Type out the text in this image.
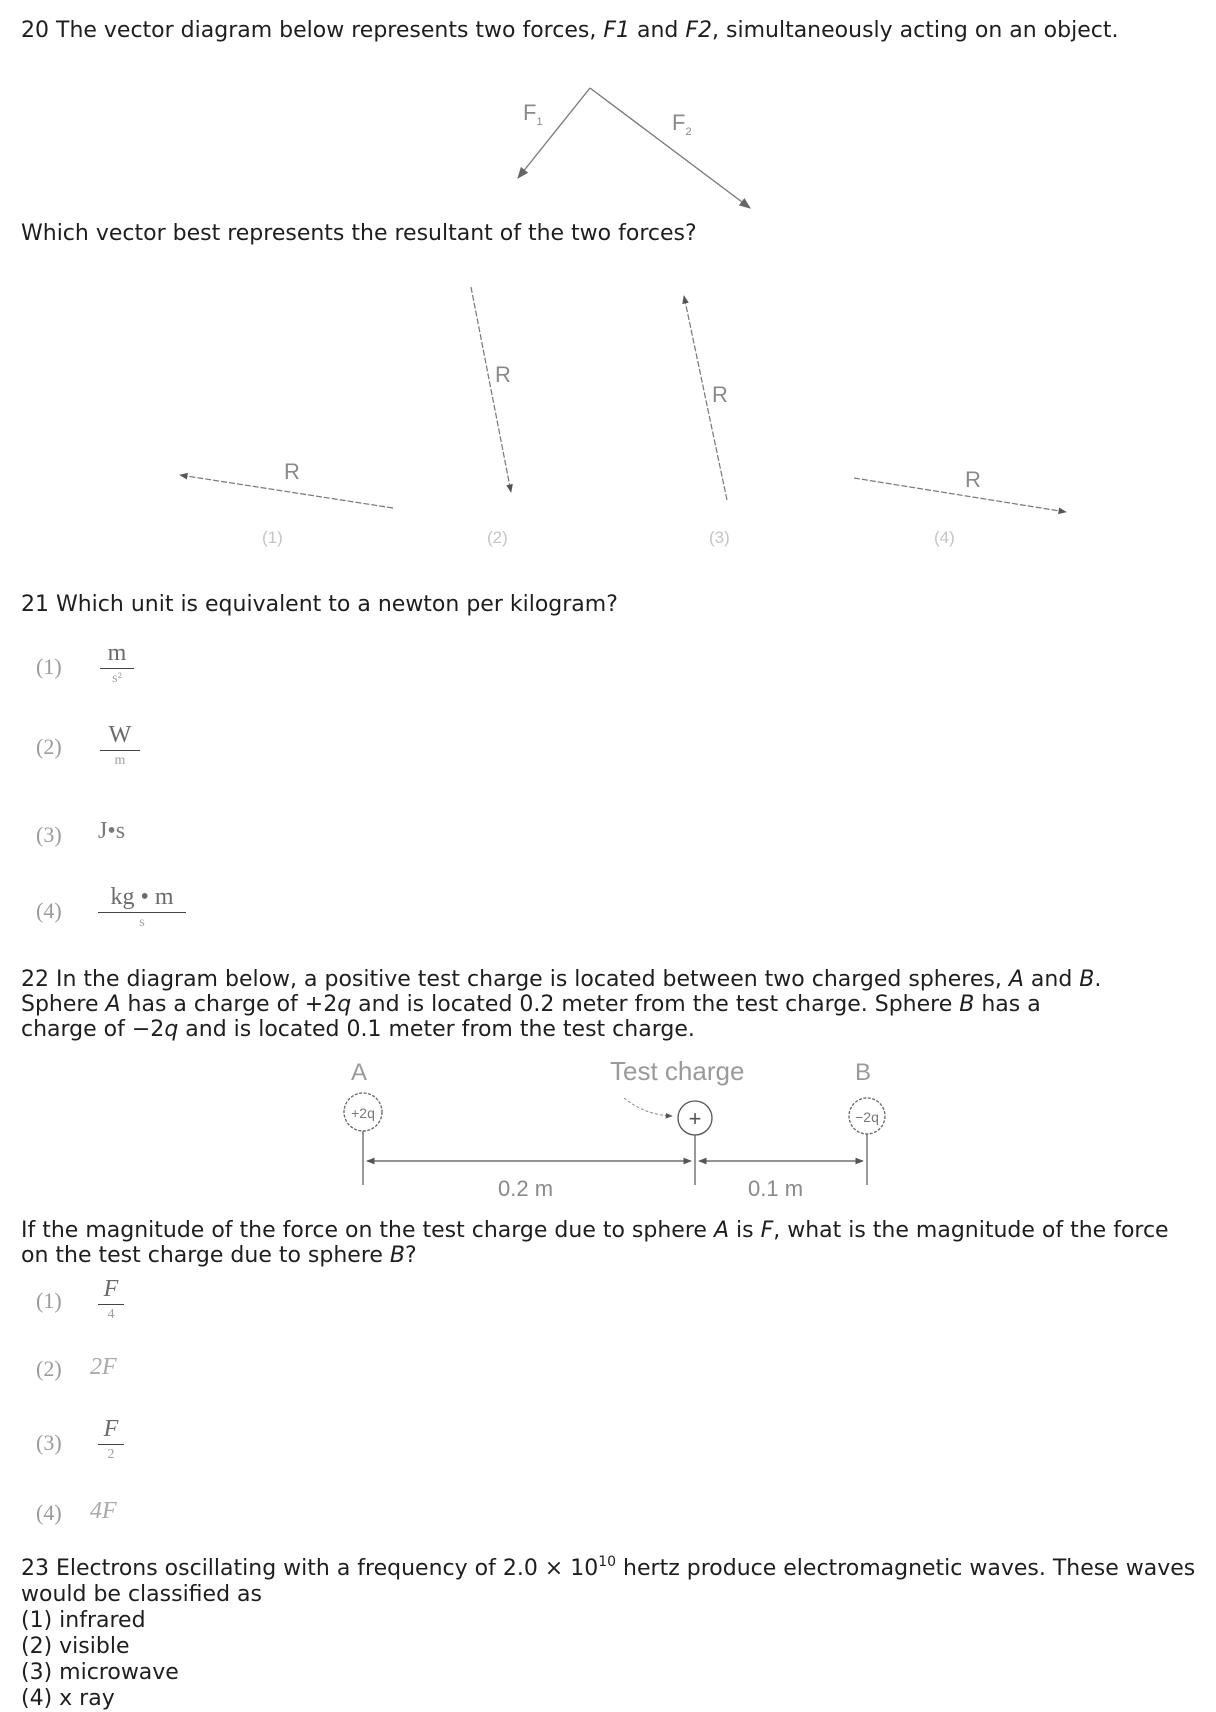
20 The vector diagram below represents two forces, F1 and F2, simultaneously acting on an object.

$F_1$	$F_2$
R
(1)
R
(2)
R
(3)
R
(4)
A	B
Test charge
+2q	+	−2q
0.2 m	0.1 m

Which vector best represents the resultant of the two forces?

21 Which unit is equivalent to a newton per kilogram?

(1)
m
s²
(2)	W
m
(3) J•s
(4)
kg • m
s

22 In the diagram below, a positive test charge is located between two charged spheres, A and B.

Sphere A has a charge of +2q and is located 0.2 meter from the test charge. Sphere B has a

charge of −2q and is located 0.1 meter from the test charge.

If the magnitude of the force on the test charge due to sphere A is F, what is the magnitude of the force

on the test charge due to sphere B?

(1) F
4
(2) 2F
(3)
F
2
(4) 4F

23 Electrons oscillating with a frequency of $2.0 \times 10^{10}$ hertz produce electromagnetic waves. These waves

would be classified as

(1) infrared

(2) visible

(3) microwave

(4) x ray
